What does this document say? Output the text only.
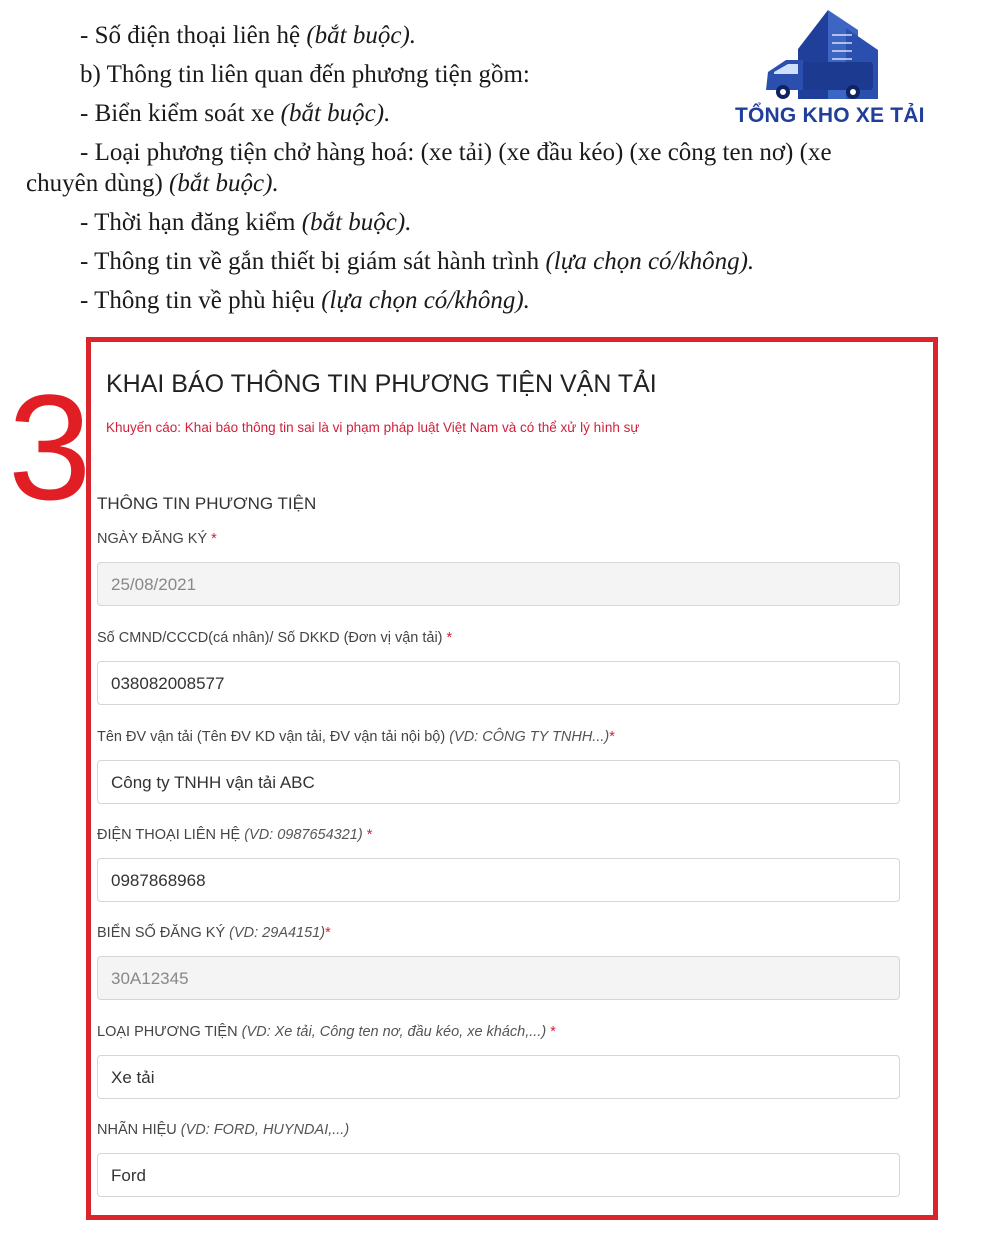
- Số điện thoại liên hệ (bắt buộc).
b) Thông tin liên quan đến phương tiện gồm:
- Biển kiểm soát xe (bắt buộc).
- Loại phương tiện chở hàng hoá: (xe tải) (xe đầu kéo) (xe công ten nơ) (xe
chuyên dùng) (bắt buộc).
- Thời hạn đăng kiểm (bắt buộc).
- Thông tin về gắn thiết bị giám sát hành trình (lựa chọn có/không).
- Thông tin về phù hiệu (lựa chọn có/không).
TỔNG KHO XE TẢI
3 KHAI BÁO THÔNG TIN PHƯƠNG TIỆN VẬN TẢI
Khuyến cáo: Khai báo thông tin sai là vi phạm pháp luật Việt Nam và có thể xử lý hình sự
THÔNG TIN PHƯƠNG TIỆN
NGÀY ĐĂNG KÝ *
25/08/2021
Số CMND/CCCD(cá nhân)/ Số DKKD (Đơn vị vận tải) *
038082008577
Tên ĐV vận tải (Tên ĐV KD vận tải, ĐV vận tải nội bộ) (VD: CÔNG TY TNHH...)*
Công ty TNHH vận tải ABC
ĐIỆN THOẠI LIÊN HỆ (VD: 0987654321) *
0987868968
BIỂN SỐ ĐĂNG KÝ (VD: 29A4151)*
30A12345
LOẠI PHƯƠNG TIỆN (VD: Xe tải, Công ten nơ, đầu kéo, xe khách,...) *
Xe tải
NHÃN HIỆU (VD: FORD, HUYNDAI,...)
Ford
